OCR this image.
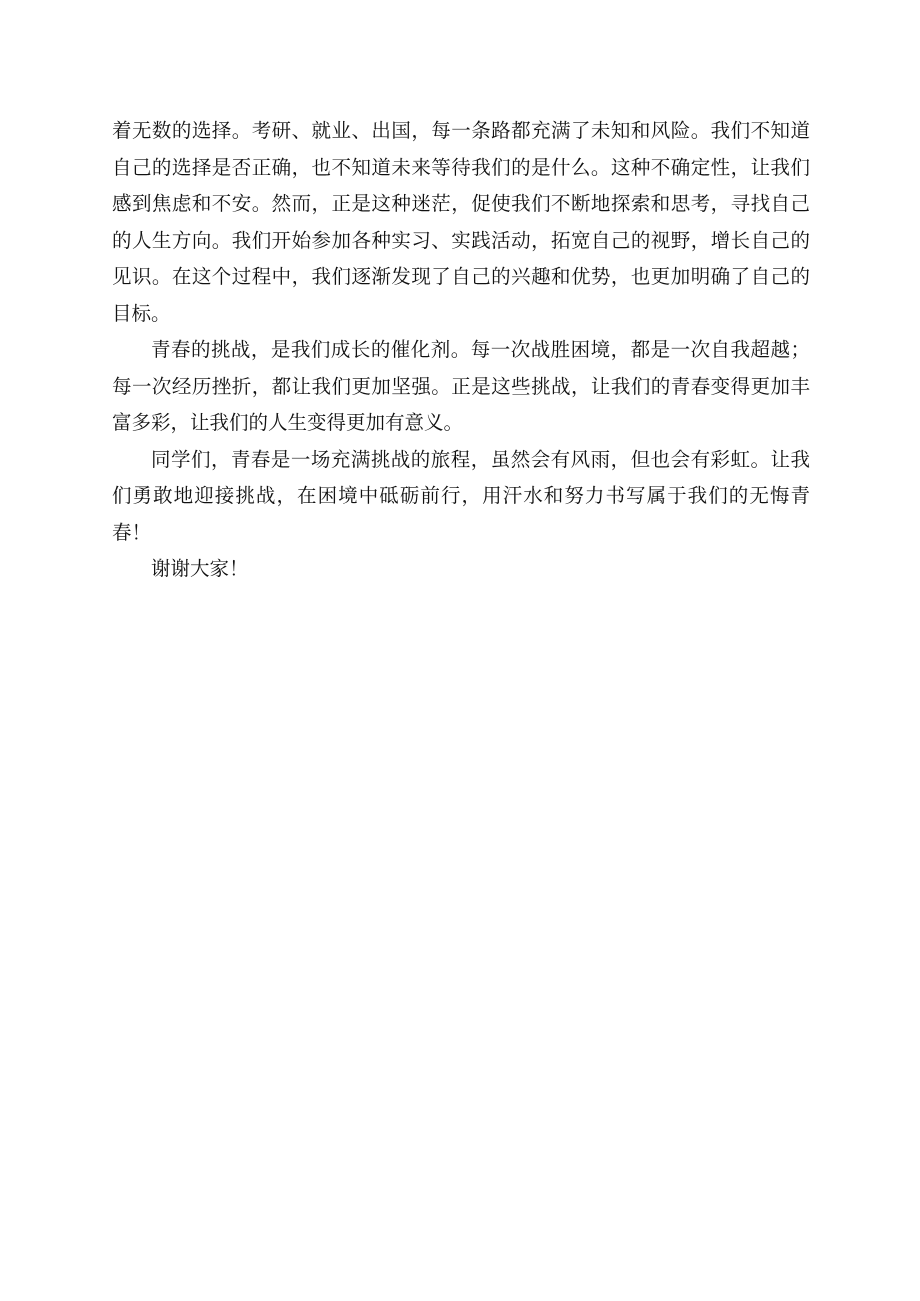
着无数的选择。考研、就业、出国，每一条路都充满了未知和风险。我们不知道自己的选择是否正确，也不知道未来等待我们的是什么。这种不确定性，让我们感到焦虑和不安。然而，正是这种迷茫，促使我们不断地探索和思考，寻找自己的人生方向。我们开始参加各种实习、实践活动，拓宽自己的视野，增长自己的见识。在这个过程中，我们逐渐发现了自己的兴趣和优势，也更加明确了自己的目标。

青春的挑战，是我们成长的催化剂。每一次战胜困境，都是一次自我超越；每一次经历挫折，都让我们更加坚强。正是这些挑战，让我们的青春变得更加丰富多彩，让我们的人生变得更加有意义。

同学们，青春是一场充满挑战的旅程，虽然会有风雨，但也会有彩虹。让我们勇敢地迎接挑战，在困境中砥砺前行，用汗水和努力书写属于我们的无悔青春！

谢谢大家！
